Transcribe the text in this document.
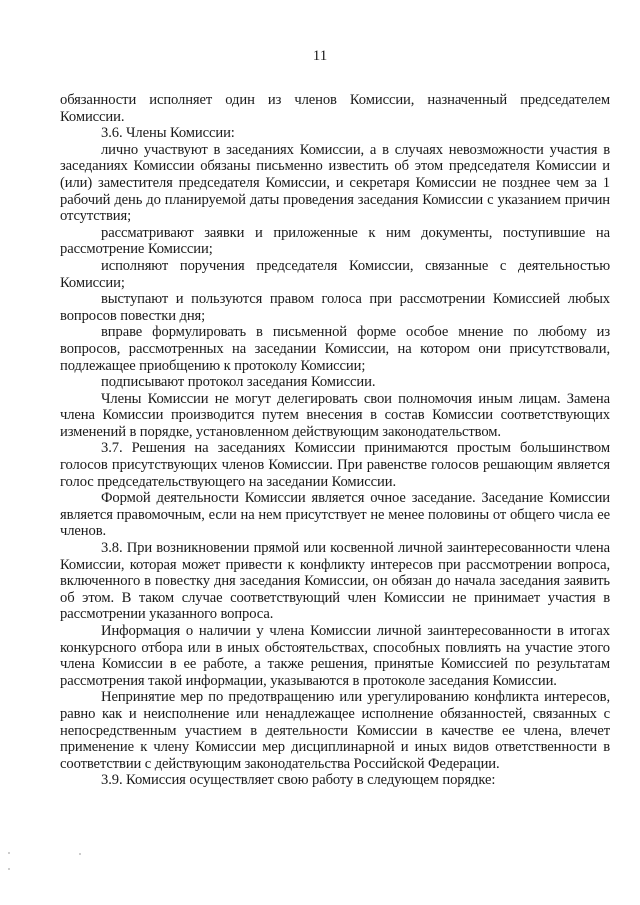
11

обязанности исполняет один из членов Комиссии, назначенный председателем Комиссии.

3.6. Члены Комиссии:

лично участвуют в заседаниях Комиссии, а в случаях невозможности участия в заседаниях Комиссии обязаны письменно известить об этом председателя Комиссии и (или) заместителя председателя Комиссии, и секретаря Комиссии не позднее чем за 1 рабочий день до планируемой даты проведения заседания Комиссии с указанием причин отсутствия;

рассматривают заявки и приложенные к ним документы, поступившие на рассмотрение Комиссии;

исполняют поручения председателя Комиссии, связанные с деятельностью Комиссии;

выступают и пользуются правом голоса при рассмотрении Комиссией любых вопросов повестки дня;

вправе формулировать в письменной форме особое мнение по любому из вопросов, рассмотренных на заседании Комиссии, на котором они присутствовали, подлежащее приобщению к протоколу Комиссии;

подписывают протокол заседания Комиссии.

Члены Комиссии не могут делегировать свои полномочия иным лицам. Замена члена Комиссии производится путем внесения в состав Комиссии соответствующих изменений в порядке, установленном действующим законодательством.

3.7. Решения на заседаниях Комиссии принимаются простым большинством голосов присутствующих членов Комиссии. При равенстве голосов решающим является голос председательствующего на заседании Комиссии.

Формой деятельности Комиссии является очное заседание. Заседание Комиссии является правомочным, если на нем присутствует не менее половины от общего числа ее членов.

3.8. При возникновении прямой или косвенной личной заинтересованности члена Комиссии, которая может привести к конфликту интересов при рассмотрении вопроса, включенного в повестку дня заседания Комиссии, он обязан до начала заседания заявить об этом. В таком случае соответствующий член Комиссии не принимает участия в рассмотрении указанного вопроса.

Информация о наличии у члена Комиссии личной заинтересованности в итогах конкурсного отбора или в иных обстоятельствах, способных повлиять на участие этого члена Комиссии в ее работе, а также решения, принятые Комиссией по результатам рассмотрения такой информации, указываются в протоколе заседания Комиссии.

Непринятие мер по предотвращению или урегулированию конфликта интересов, равно как и неисполнение или ненадлежащее исполнение обязанностей, связанных с непосредственным участием в деятельности Комиссии в качестве ее члена, влечет применение к члену Комиссии мер дисциплинарной и иных видов ответственности в соответствии с действующим законодательства Российской Федерации.

3.9. Комиссия осуществляет свою работу в следующем порядке:
